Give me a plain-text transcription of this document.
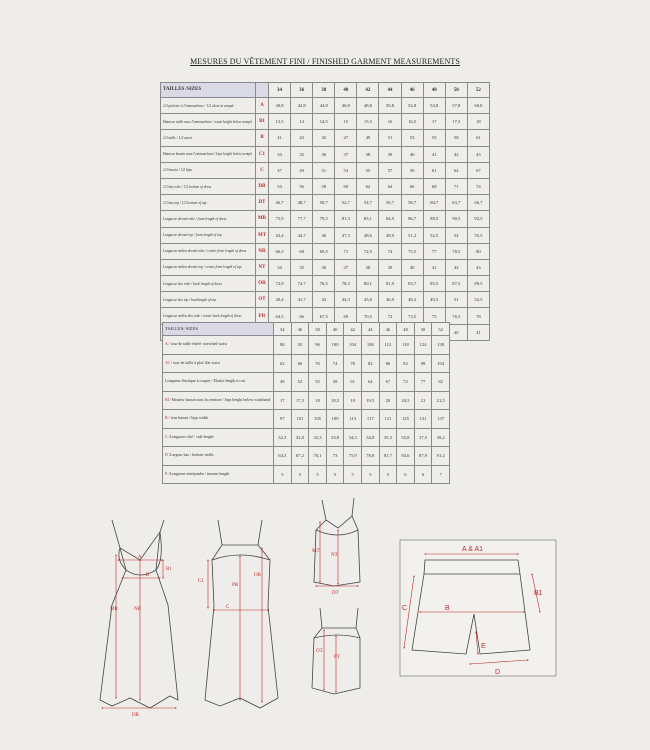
MESURES DU VÊTEMENT FINI / FINISHED GARMENT MEASUREMENTS
TAILLES /SIZES		34	36	38	40	42	44	46	48	50	52
1/2 poitrine à l'emmanchure / 1/2 chest at armpit	A	40,8	42,8	44,8	46,8	48,8	50,8	52,8	54,8	57,8	60,8
Hauteur taille sous l'emmanchure / waist height below armpit	B1	13,5	14	14,5	15	15,5	16	16,5	17	17,5	18
1/2 taille / 1/2 waist	B	41	43	45	47	49	51	53	55	58	61
Hauteur bassin sous l'emmanchure / hips height below armpit	C1	34	35	36	37	38	39	40	41	42	43
1/2 bassin / 1/2 hips	C	47	49	51	53	55	57	59	61	64	67
1/2 bas robe / 1/2 bottom of dress	DR	54	56	58	60	62	64	66	68	71	74
1/2 bas top / 1/2 bottom of top	DT	46,7	48,7	50,7	52,7	54,7	56,7	58,7	60,7	63,7	66,7
Longueur devant robe / front length of dress	MR	75,9	77,7	79,5	81,3	83,1	84,9	86,7	88,5	90,5	92,5
Longueur devant top / front length of top	MT	43,4	44,7	46	47,3	48,6	49,9	51,2	52,5	54	55,5
Longueur milieu devant robe / center front length of dress	NR	66,3	68	69,5	71	72,5	74	75,5	77	78,5	80
Longueur milieu devant top / center front length of top	NT	34	35	36	37	38	39	40	41	42	43
Longueur dos robe / back length of dress	OR	72,9	74,7	76,5	78,3	80,1	81,9	83,7	85,5	87,5	89,5
Longueur dos top / backlength of top	OT	40,4	41,7	43	44,3	45,6	46,9	48,2	49,5	51	52,5
Longueur milieu dos robe / center back length of dress	PR	64,5	66	67,5	69	70,5	72	73,5	75	76,5	78
										40	41
TAILLES/ SIZES	34	36	38	40	42	44	46	48	50	52
A / tour de taille étirée/ stretched waist	88	92	96	100	104	108	112	118	124	130
A1 / tour de taille à plat/ flat waist	62	66	70	74	78	82	86	92	98	104
Longueur élastique à couper / Elastic length to cut	49	52	55	58	61	64	67	72	77	82
B1/ Hauteur bassin sous la ceinture / hips height below waistband	17	17,5	18	18,5	19	19,5	20	20,5	21	21,5
B / tour bassin / hips width	97	101	105	109	113	117	121	125	131	137
C /Longueur côté / side length	32,3	32,8	33,3	33,8	34,3	34,8	35,3	35,8	37,5	39,2
D /Largeur bas / bottom width	64,3	67,2	70,1	73	75,9	78,8	81,7	84,6	87,9	91,2
E /Longueur entrejambe / inseam length	5	5	5	5	5	5	5	6	6	7
A
B
B1
MR	NR
DR
C1
PR
OR
C
MT
NT
DT
OT
PT
A & A1
B1
C	B
E
D
